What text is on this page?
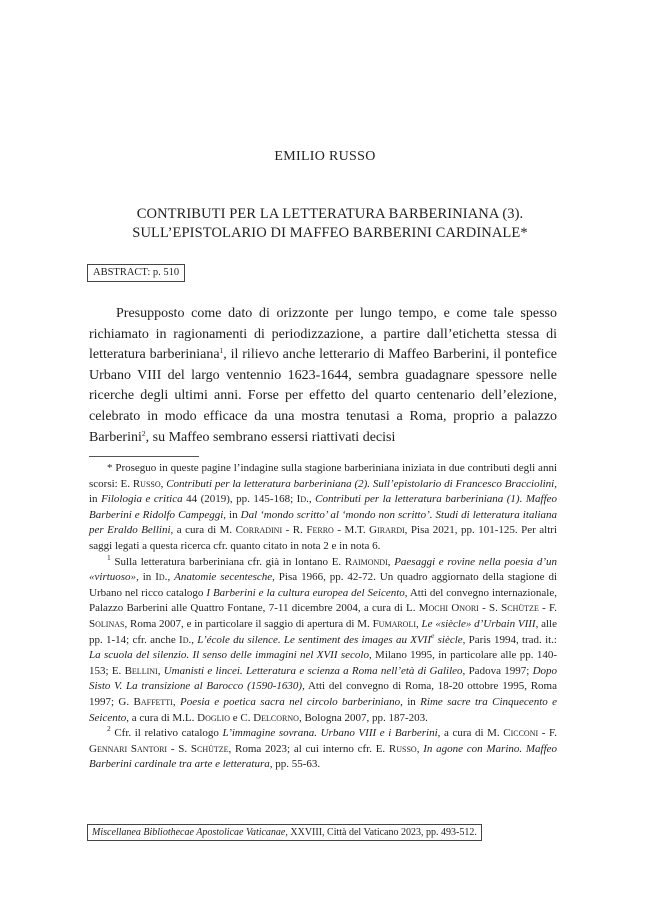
EMILIO RUSSO
CONTRIBUTI PER LA LETTERATURA BARBERINIANA (3).
SULL’EPISTOLARIO DI MAFFEO BARBERINI CARDINALE*
ABSTRACT: p. 510

Presupposto come dato di orizzonte per lungo tempo, e come tale spesso richiamato in ragionamenti di periodizzazione, a partire dall’etichetta stessa di letteratura barberiniana$^1$, il rilievo anche letterario di Maffeo Barberini, il pontefice Urbano VIII del largo ventennio 1623-1644, sembra guadagnare spessore nelle ricerche degli ultimi anni. Forse per effetto del quarto centenario dell’elezione, celebrato in modo efficace da una mostra tenutasi a Roma, proprio a palazzo Barberini$^2$, su Maffeo sembrano essersi riattivati decisi

* Proseguo in queste pagine l’indagine sulla stagione barberiniana iniziata in due contributi degli anni scorsi: E. Russo, Contributi per la letteratura barberiniana (2). Sull’epistolario di Francesco Bracciolini, in Filologia e critica 44 (2019), pp. 145-168; Id., Contributi per la letteratura barberiniana (1). Maffeo Barberini e Ridolfo Campeggi, in Dal ‘mondo scritto’ al ‘mondo non scritto’. Studi di letteratura italiana per Eraldo Bellini, a cura di M. Corradini - R. Ferro - M.T. Girardi, Pisa 2021, pp. 101-125. Per altri saggi legati a questa ricerca cfr. quanto citato in nota 2 e in nota 6.

$^1$ Sulla letteratura barberiniana cfr. già in lontano E. Raimondi, Paesaggi e rovine nella poesia d’un «virtuoso», in Id., Anatomie secentesche, Pisa 1966, pp. 42-72. Un quadro aggiornato della stagione di Urbano nel ricco catalogo I Barberini e la cultura europea del Seicento, Atti del convegno internazionale, Palazzo Barberini alle Quattro Fontane, 7-11 dicembre 2004, a cura di L. Mochi Onori - S. Schütze - F. Solinas, Roma 2007, e in particolare il saggio di apertura di M. Fumaroli, Le «siècle» d’Urbain VIII, alle pp. 1-14; cfr. anche Id., L’école du silence. Le sentiment des images au XVIIe siècle, Paris 1994, trad. it.: La scuola del silenzio. Il senso delle immagini nel XVII secolo, Milano 1995, in particolare alle pp. 140-153; E. Bellini, Umanisti e lincei. Letteratura e scienza a Roma nell’età di Galileo, Padova 1997; Dopo Sisto V. La transizione al Barocco (1590-1630), Atti del convegno di Roma, 18-20 ottobre 1995, Roma 1997; G. Baffetti, Poesia e poetica sacra nel circolo barberiniano, in Rime sacre tra Cinquecento e Seicento, a cura di M.L. Doglio e C. Delcorno, Bologna 2007, pp. 187-203.

$^2$ Cfr. il relativo catalogo L’immagine sovrana. Urbano VIII e i Barberini, a cura di M. Cicconi - F. Gennari Santori - S. Schütze, Roma 2023; al cui interno cfr. E. Russo, In agone con Marino. Maffeo Barberini cardinale tra arte e letteratura, pp. 55-63.

Miscellanea Bibliothecae Apostolicae Vaticanae, XXVIII, Città del Vaticano 2023, pp. 493-512.
